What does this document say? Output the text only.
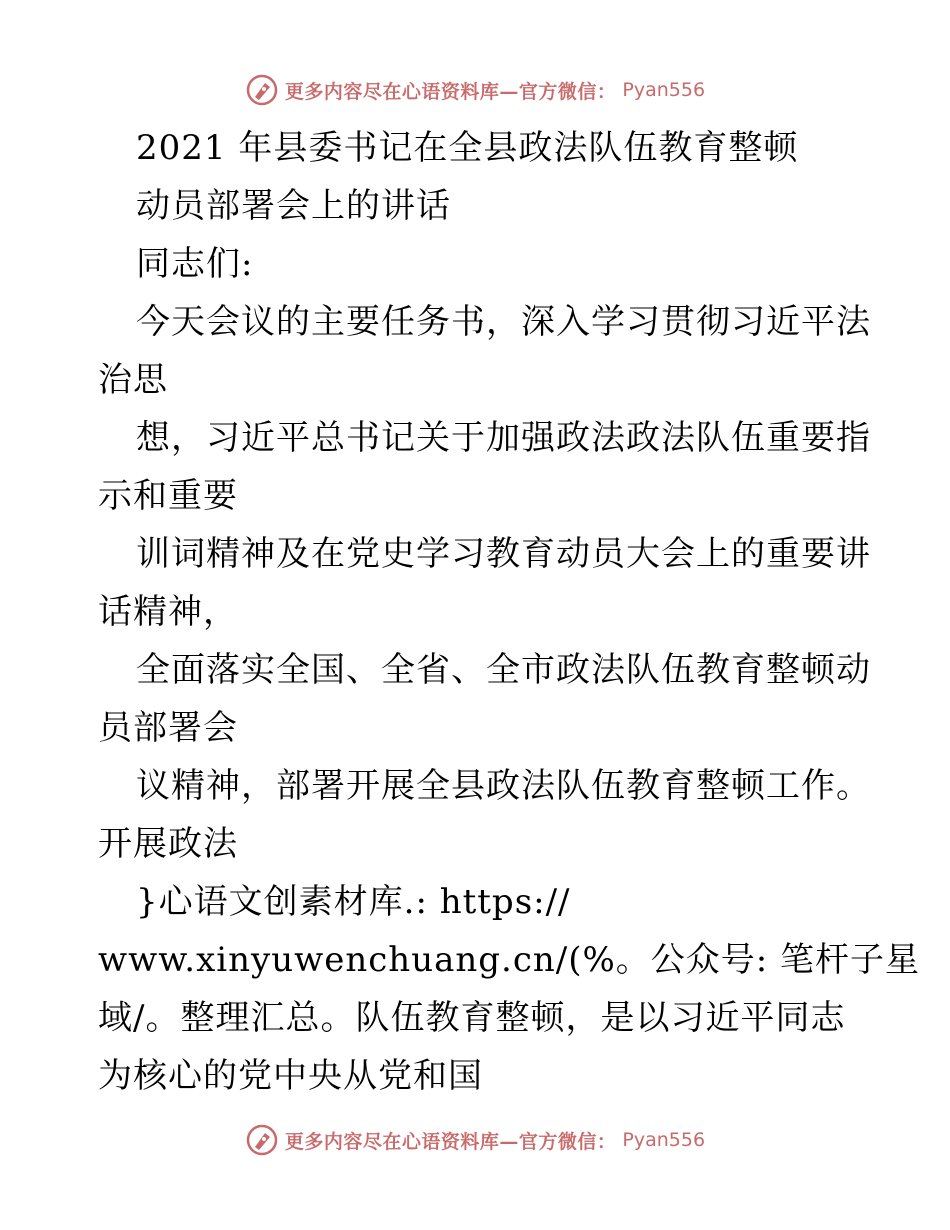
更多内容尽在心语资料库—官方微信： Pyan556
2021 年县委书记在全县政法队伍教育整顿
动员部署会上的讲话
同志们:
今天会议的主要任务书，深入学习贯彻习近平法
治思
想，习近平总书记关于加强政法政法队伍重要指
示和重要
训词精神及在党史学习教育动员大会上的重要讲
话精神，
全面落实全国、全省、全市政法队伍教育整顿动
员部署会
议精神，部署开展全县政法队伍教育整顿工作。
开展政法
}心语文创素材库.: https://
www.xinyuwenchuang.cn/(%。公众号: 笔杆子星
域/。整理汇总。队伍教育整顿，是以习近平同志
为核心的党中央从党和国
更多内容尽在心语资料库—官方微信： Pyan556
